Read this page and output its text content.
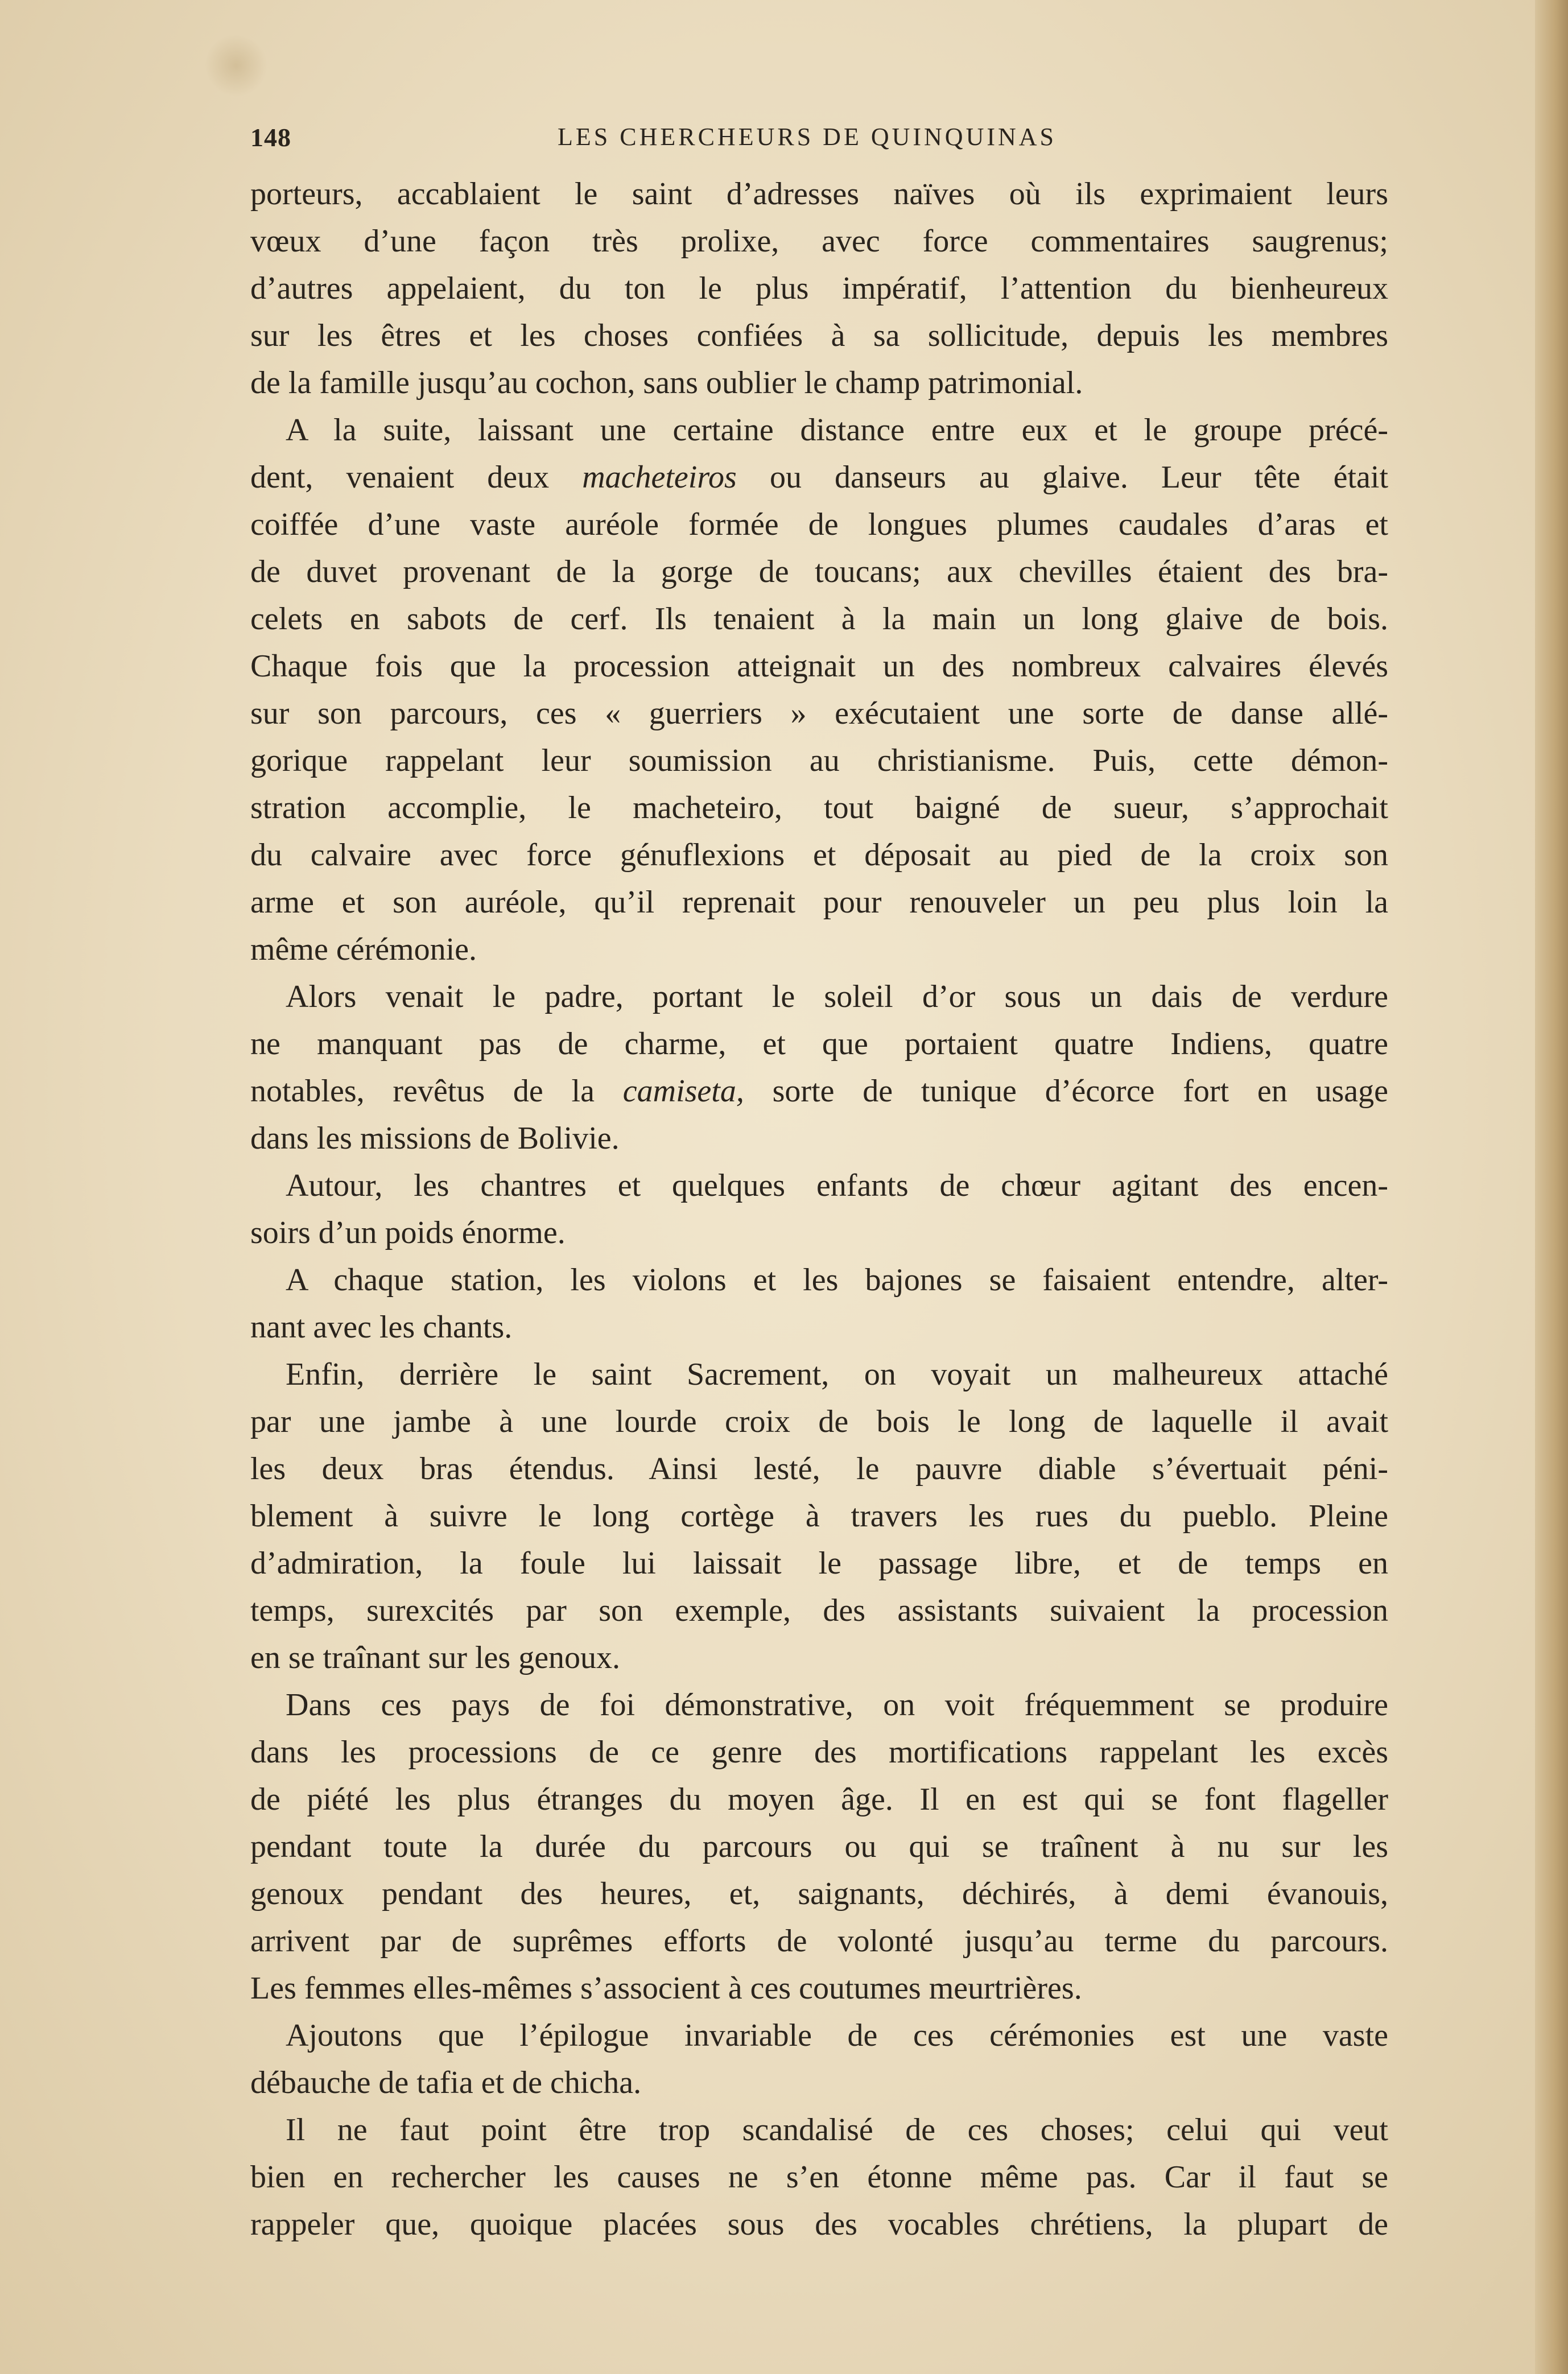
148	LES CHERCHEURS DE QUINQUINAS
porteurs, accablaient le saint d’adresses naïves où ils exprimaient leurs
vœux d’une façon très prolixe, avec force commentaires saugrenus;
d’autres appelaient, du ton le plus impératif, l’attention du bienheureux
sur les êtres et les choses confiées à sa sollicitude, depuis les membres
de la famille jusqu’au cochon, sans oublier le champ patrimonial.
A la suite, laissant une certaine distance entre eux et le groupe précé-
dent, venaient deux macheteiros ou danseurs au glaive. Leur tête était
coiffée d’une vaste auréole formée de longues plumes caudales d’aras et
de duvet provenant de la gorge de toucans; aux chevilles étaient des bra-
celets en sabots de cerf. Ils tenaient à la main un long glaive de bois.
Chaque fois que la procession atteignait un des nombreux calvaires élevés
sur son parcours, ces « guerriers » exécutaient une sorte de danse allé-
gorique rappelant leur soumission au christianisme. Puis, cette démon-
stration accomplie, le macheteiro, tout baigné de sueur, s’approchait
du calvaire avec force génuflexions et déposait au pied de la croix son
arme et son auréole, qu’il reprenait pour renouveler un peu plus loin la
même cérémonie.
Alors venait le padre, portant le soleil d’or sous un dais de verdure
ne manquant pas de charme, et que portaient quatre Indiens, quatre
notables, revêtus de la camiseta, sorte de tunique d’écorce fort en usage
dans les missions de Bolivie.
Autour, les chantres et quelques enfants de chœur agitant des encen-
soirs d’un poids énorme.
A chaque station, les violons et les bajones se faisaient entendre, alter-
nant avec les chants.
Enfin, derrière le saint Sacrement, on voyait un malheureux attaché
par une jambe à une lourde croix de bois le long de laquelle il avait
les deux bras étendus. Ainsi lesté, le pauvre diable s’évertuait péni-
blement à suivre le long cortège à travers les rues du pueblo. Pleine
d’admiration, la foule lui laissait le passage libre, et de temps en
temps, surexcités par son exemple, des assistants suivaient la procession
en se traînant sur les genoux.
Dans ces pays de foi démonstrative, on voit fréquemment se produire
dans les processions de ce genre des mortifications rappelant les excès
de piété les plus étranges du moyen âge. Il en est qui se font flageller
pendant toute la durée du parcours ou qui se traînent à nu sur les
genoux pendant des heures, et, saignants, déchirés, à demi évanouis,
arrivent par de suprêmes efforts de volonté jusqu’au terme du parcours.
Les femmes elles-mêmes s’associent à ces coutumes meurtrières.
Ajoutons que l’épilogue invariable de ces cérémonies est une vaste
débauche de tafia et de chicha.
Il ne faut point être trop scandalisé de ces choses; celui qui veut
bien en rechercher les causes ne s’en étonne même pas. Car il faut se
rappeler que, quoique placées sous des vocables chrétiens, la plupart de
